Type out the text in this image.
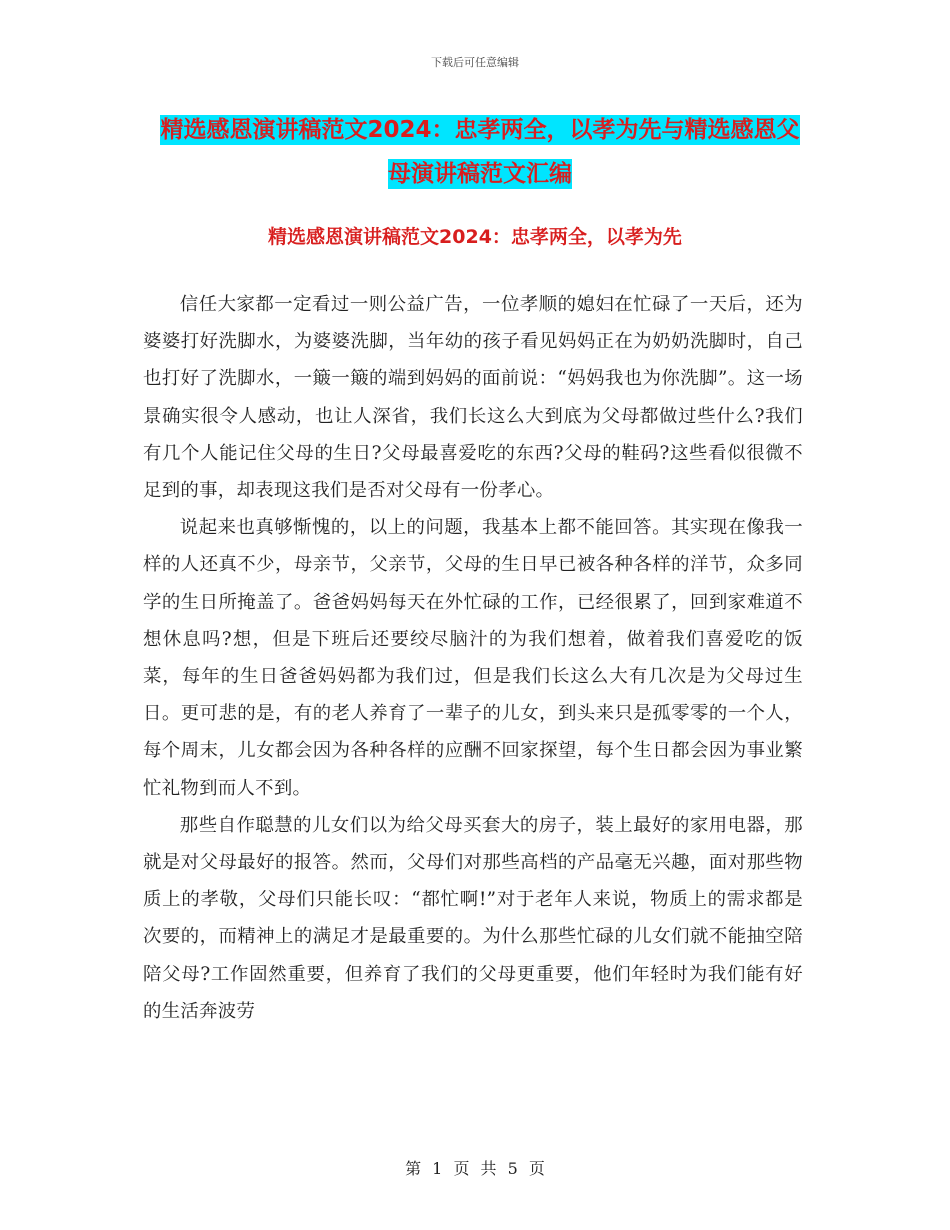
下载后可任意编辑
精选感恩演讲稿范文2024：忠孝两全，以孝为先与精选感恩父母演讲稿范文汇编
精选感恩演讲稿范文2024：忠孝两全，以孝为先

信任大家都一定看过一则公益广告，一位孝顺的媳妇在忙碌了一天后，还为婆婆打好洗脚水，为婆婆洗脚，当年幼的孩子看见妈妈正在为奶奶洗脚时，自己也打好了洗脚水，一簸一簸的端到妈妈的面前说：“妈妈我也为你洗脚”。这一场景确实很令人感动，也让人深省，我们长这么大到底为父母都做过些什么?我们有几个人能记住父母的生日?父母最喜爱吃的东西?父母的鞋码?这些看似很微不足到的事，却表现这我们是否对父母有一份孝心。

说起来也真够惭愧的，以上的问题，我基本上都不能回答。其实现在像我一样的人还真不少，母亲节，父亲节，父母的生日早已被各种各样的洋节，众多同学的生日所掩盖了。爸爸妈妈每天在外忙碌的工作，已经很累了，回到家难道不想休息吗?想，但是下班后还要绞尽脑汁的为我们想着，做着我们喜爱吃的饭菜，每年的生日爸爸妈妈都为我们过，但是我们长这么大有几次是为父母过生日。更可悲的是，有的老人养育了一辈子的儿女，到头来只是孤零零的一个人，每个周末，儿女都会因为各种各样的应酬不回家探望，每个生日都会因为事业繁忙礼物到而人不到。

那些自作聪慧的儿女们以为给父母买套大的房子，装上最好的家用电器，那就是对父母最好的报答。然而，父母们对那些高档的产品毫无兴趣，面对那些物质上的孝敬，父母们只能长叹：“都忙啊!”对于老年人来说，物质上的需求都是次要的，而精神上的满足才是最重要的。为什么那些忙碌的儿女们就不能抽空陪陪父母?工作固然重要，但养育了我们的父母更重要，他们年轻时为我们能有好的生活奔波劳

第 1 页 共 5 页
